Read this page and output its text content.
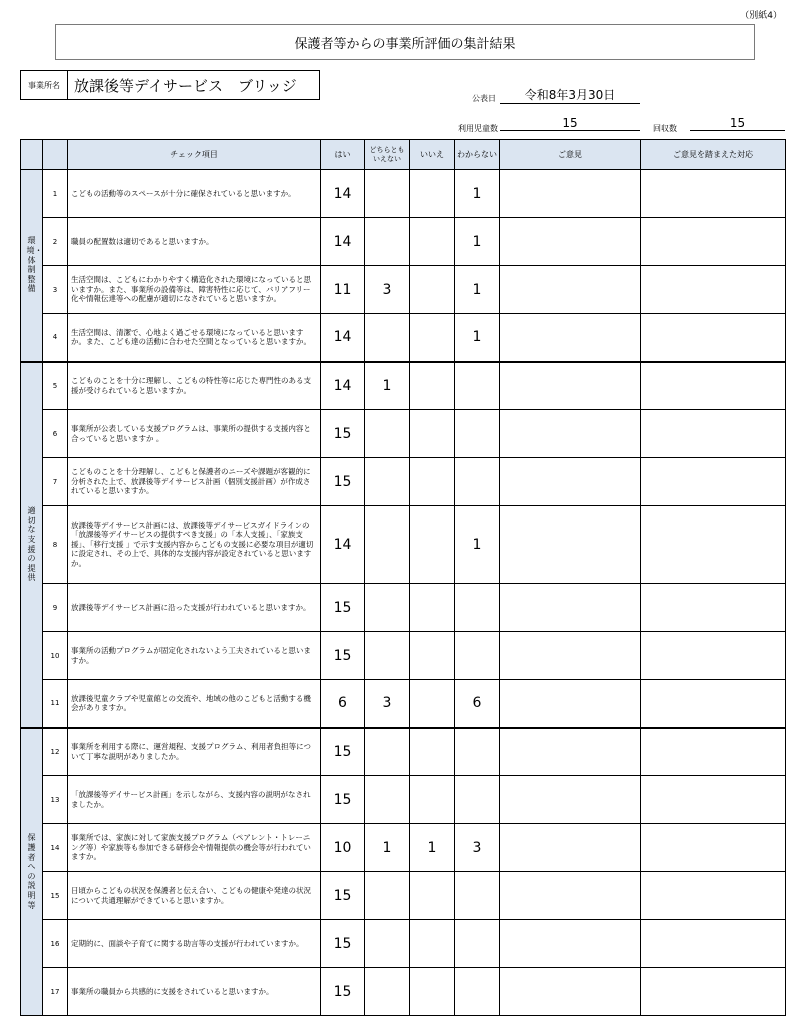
（別紙4）
保護者等からの事業所評価の集計結果
事業所名 放課後等デイサービス　ブリッジ
公表日	令和8年3月30日
利用児童数	15	回収数	15
		チェック項目	はい	どちらとも
いえない	いいえ	わからない	ご意見	ご意見を踏まえた対応

環境・体制整備	1	こどもの活動等のスペースが十分に確保されていると思いますか。	14			1		
	2	職員の配置数は適切であると思いますか。	14			1		
	3	生活空間は、こどもにわかりやすく構造化された環境になっていると思いますか。また、事業所の設備等は、障害特性に応じて、バリアフリー化や情報伝達等への配慮が適切になされていると思いますか。	11	3		1		
	4	生活空間は、清潔で、心地よく過ごせる環境になっていると思いますか。また、こども達の活動に合わせた空間となっていると思いますか。	14			1		

適切な支援の提供	5	こどものことを十分に理解し、こどもの特性等に応じた専門性のある支援が受けられていると思いますか。	14	1				
	6	事業所が公表している支援プログラムは、事業所の提供する支援内容と合っていると思いますか 。	15					
	7	こどものことを十分理解し、こどもと保護者のニーズや課題が客観的に分析された上で、放課後等デイサービス計画（個別支援計画）が作成されていると思いますか。	15					
	8	放課後等デイサービス計画には、放課後等デイサービスガイドラインの「放課後等デイサービスの提供すべき支援」の「本人支援」、「家族支援」、「移行支援 」で示す支援内容からこどもの支援に必要な項目が適切に設定され、その上で、具体的な支援内容が設定されていると思いますか。	14			1		
	9	放課後等デイサービス計画に沿った支援が行われていると思いますか。	15					
	10	事業所の活動プログラムが固定化されないよう工夫されていると思いますか。	15					
	11	放課後児童クラブや児童館との交流や、地域の他のこどもと活動する機会がありますか。	6	3		6		

保護者への説明等	12	事業所を利用する際に、運営規程、支援プログラム、利用者負担等について丁寧な説明がありましたか。	15					
	13	「放課後等デイサービス計画」を示しながら、支援内容の説明がなされましたか。	15					
	14	事業所では、家族に対して家族支援プログラム（ペアレント・トレーニング等）や家族等も参加できる研修会や情報提供の機会等が行われていますか。	10	1	1	3		
	15	日頃からこどもの状況を保護者と伝え合い、こどもの健康や発達の状況について共通理解ができていると思いますか。	15					
	16	定期的に、面談や子育てに関する助言等の支援が行われていますか。	15					
	17	事業所の職員から共感的に支援をされていると思いますか。	15					
